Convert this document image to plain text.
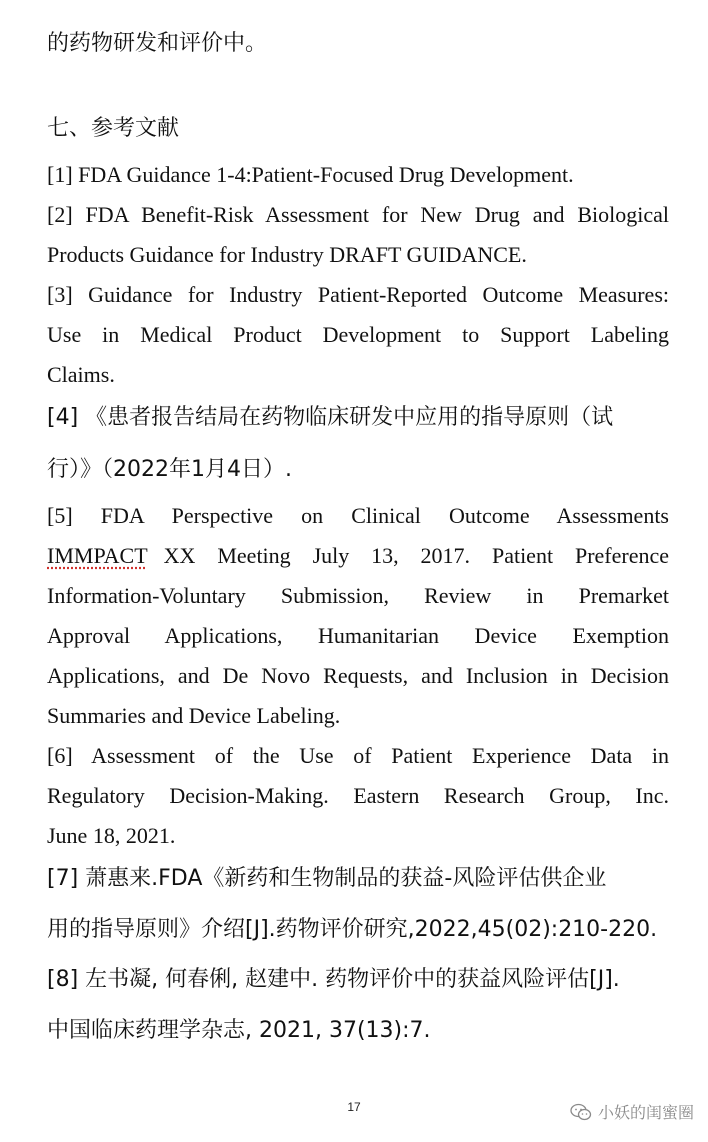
的药物研发和评价中。
七、参考文献
[1] FDA Guidance 1-4:Patient-Focused Drug Development.
[2] FDA Benefit-Risk Assessment for New Drug and Biological
Products Guidance for Industry DRAFT GUIDANCE.
[3] Guidance for Industry Patient-Reported Outcome Measures:
Use in Medical Product Development to Support Labeling
Claims.
[4] 《患者报告结局在药物临床研发中应用的指导原则（试
行）》（2022年1月4日）.
[5] FDA Perspective on Clinical Outcome Assessments
IMMPACT XX Meeting July 13, 2017. Patient Preference
Information-Voluntary Submission, Review in Premarket
Approval Applications, Humanitarian Device Exemption
Applications, and De Novo Requests, and Inclusion in Decision
Summaries and Device Labeling.
[6] Assessment of the Use of Patient Experience Data in
Regulatory Decision-Making. Eastern Research Group, Inc.
June 18, 2021.
[7] 萧惠来.FDA《新药和生物制品的获益-风险评估供企业
用的指导原则》介绍[J].药物评价研究,2022,45(02):210-220.
[8] 左书凝, 何春俐, 赵建中. 药物评价中的获益风险评估[J].
中国临床药理学杂志, 2021, 37(13):7.
17	小妖的闺蜜圈
